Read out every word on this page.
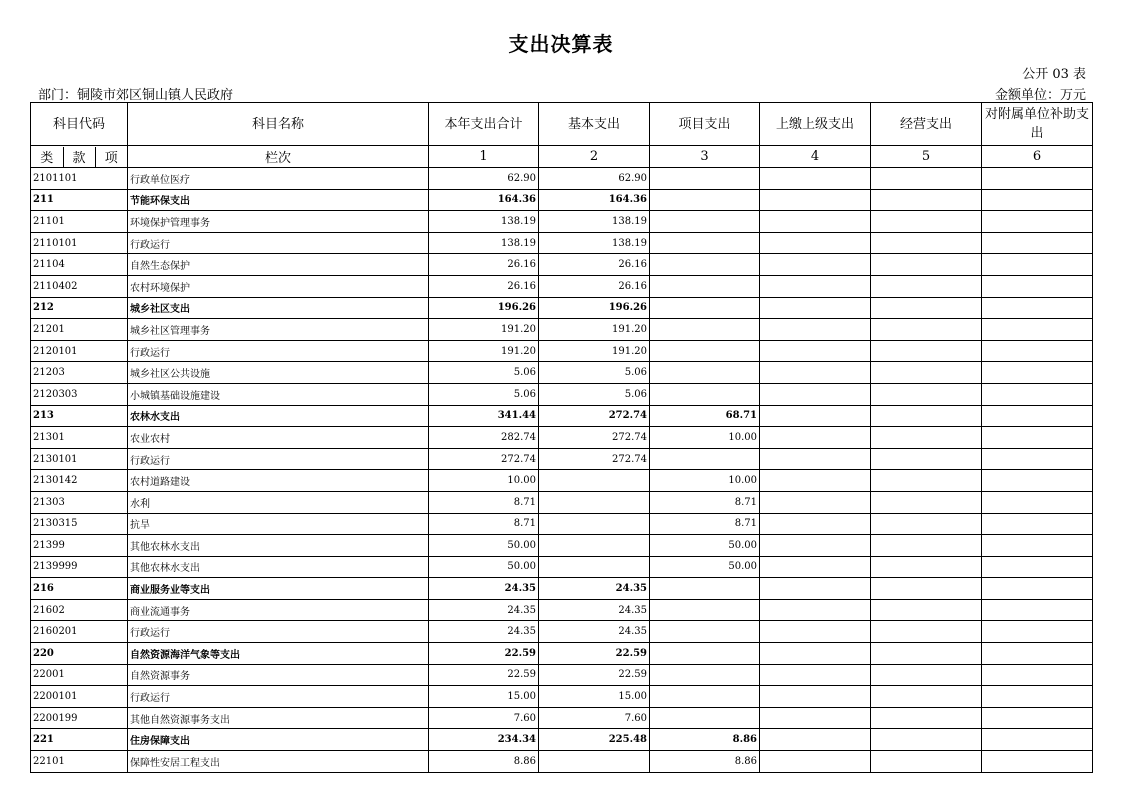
支出决算表
公开 03 表
部门：铜陵市郊区铜山镇人民政府	金额单位：万元
科目代码	科目名称	本年支出合计	基本支出	项目支出	上缴上级支出	经营支出	对附属单位补助支出

类	款	项
		栏次	1	2	3	4	5	6
2101101	行政单位医疗	62.90	62.90				
211	节能环保支出	164.36	164.36				
21101	环境保护管理事务	138.19	138.19				
2110101	行政运行	138.19	138.19				
21104	自然生态保护	26.16	26.16				
2110402	农村环境保护	26.16	26.16				
212	城乡社区支出	196.26	196.26				
21201	城乡社区管理事务	191.20	191.20				
2120101	行政运行	191.20	191.20				
21203	城乡社区公共设施	5.06	5.06				
2120303	小城镇基础设施建设	5.06	5.06				
213	农林水支出	341.44	272.74	68.71			
21301	农业农村	282.74	272.74	10.00			
2130101	行政运行	272.74	272.74				
2130142	农村道路建设	10.00		10.00			
21303	水利	8.71		8.71			
2130315	抗旱	8.71		8.71			
21399	其他农林水支出	50.00		50.00			
2139999	其他农林水支出	50.00		50.00			
216	商业服务业等支出	24.35	24.35				
21602	商业流通事务	24.35	24.35				
2160201	行政运行	24.35	24.35				
220	自然资源海洋气象等支出	22.59	22.59				
22001	自然资源事务	22.59	22.59				
2200101	行政运行	15.00	15.00				
2200199	其他自然资源事务支出	7.60	7.60				
221	住房保障支出	234.34	225.48	8.86			
22101	保障性安居工程支出	8.86		8.86			
